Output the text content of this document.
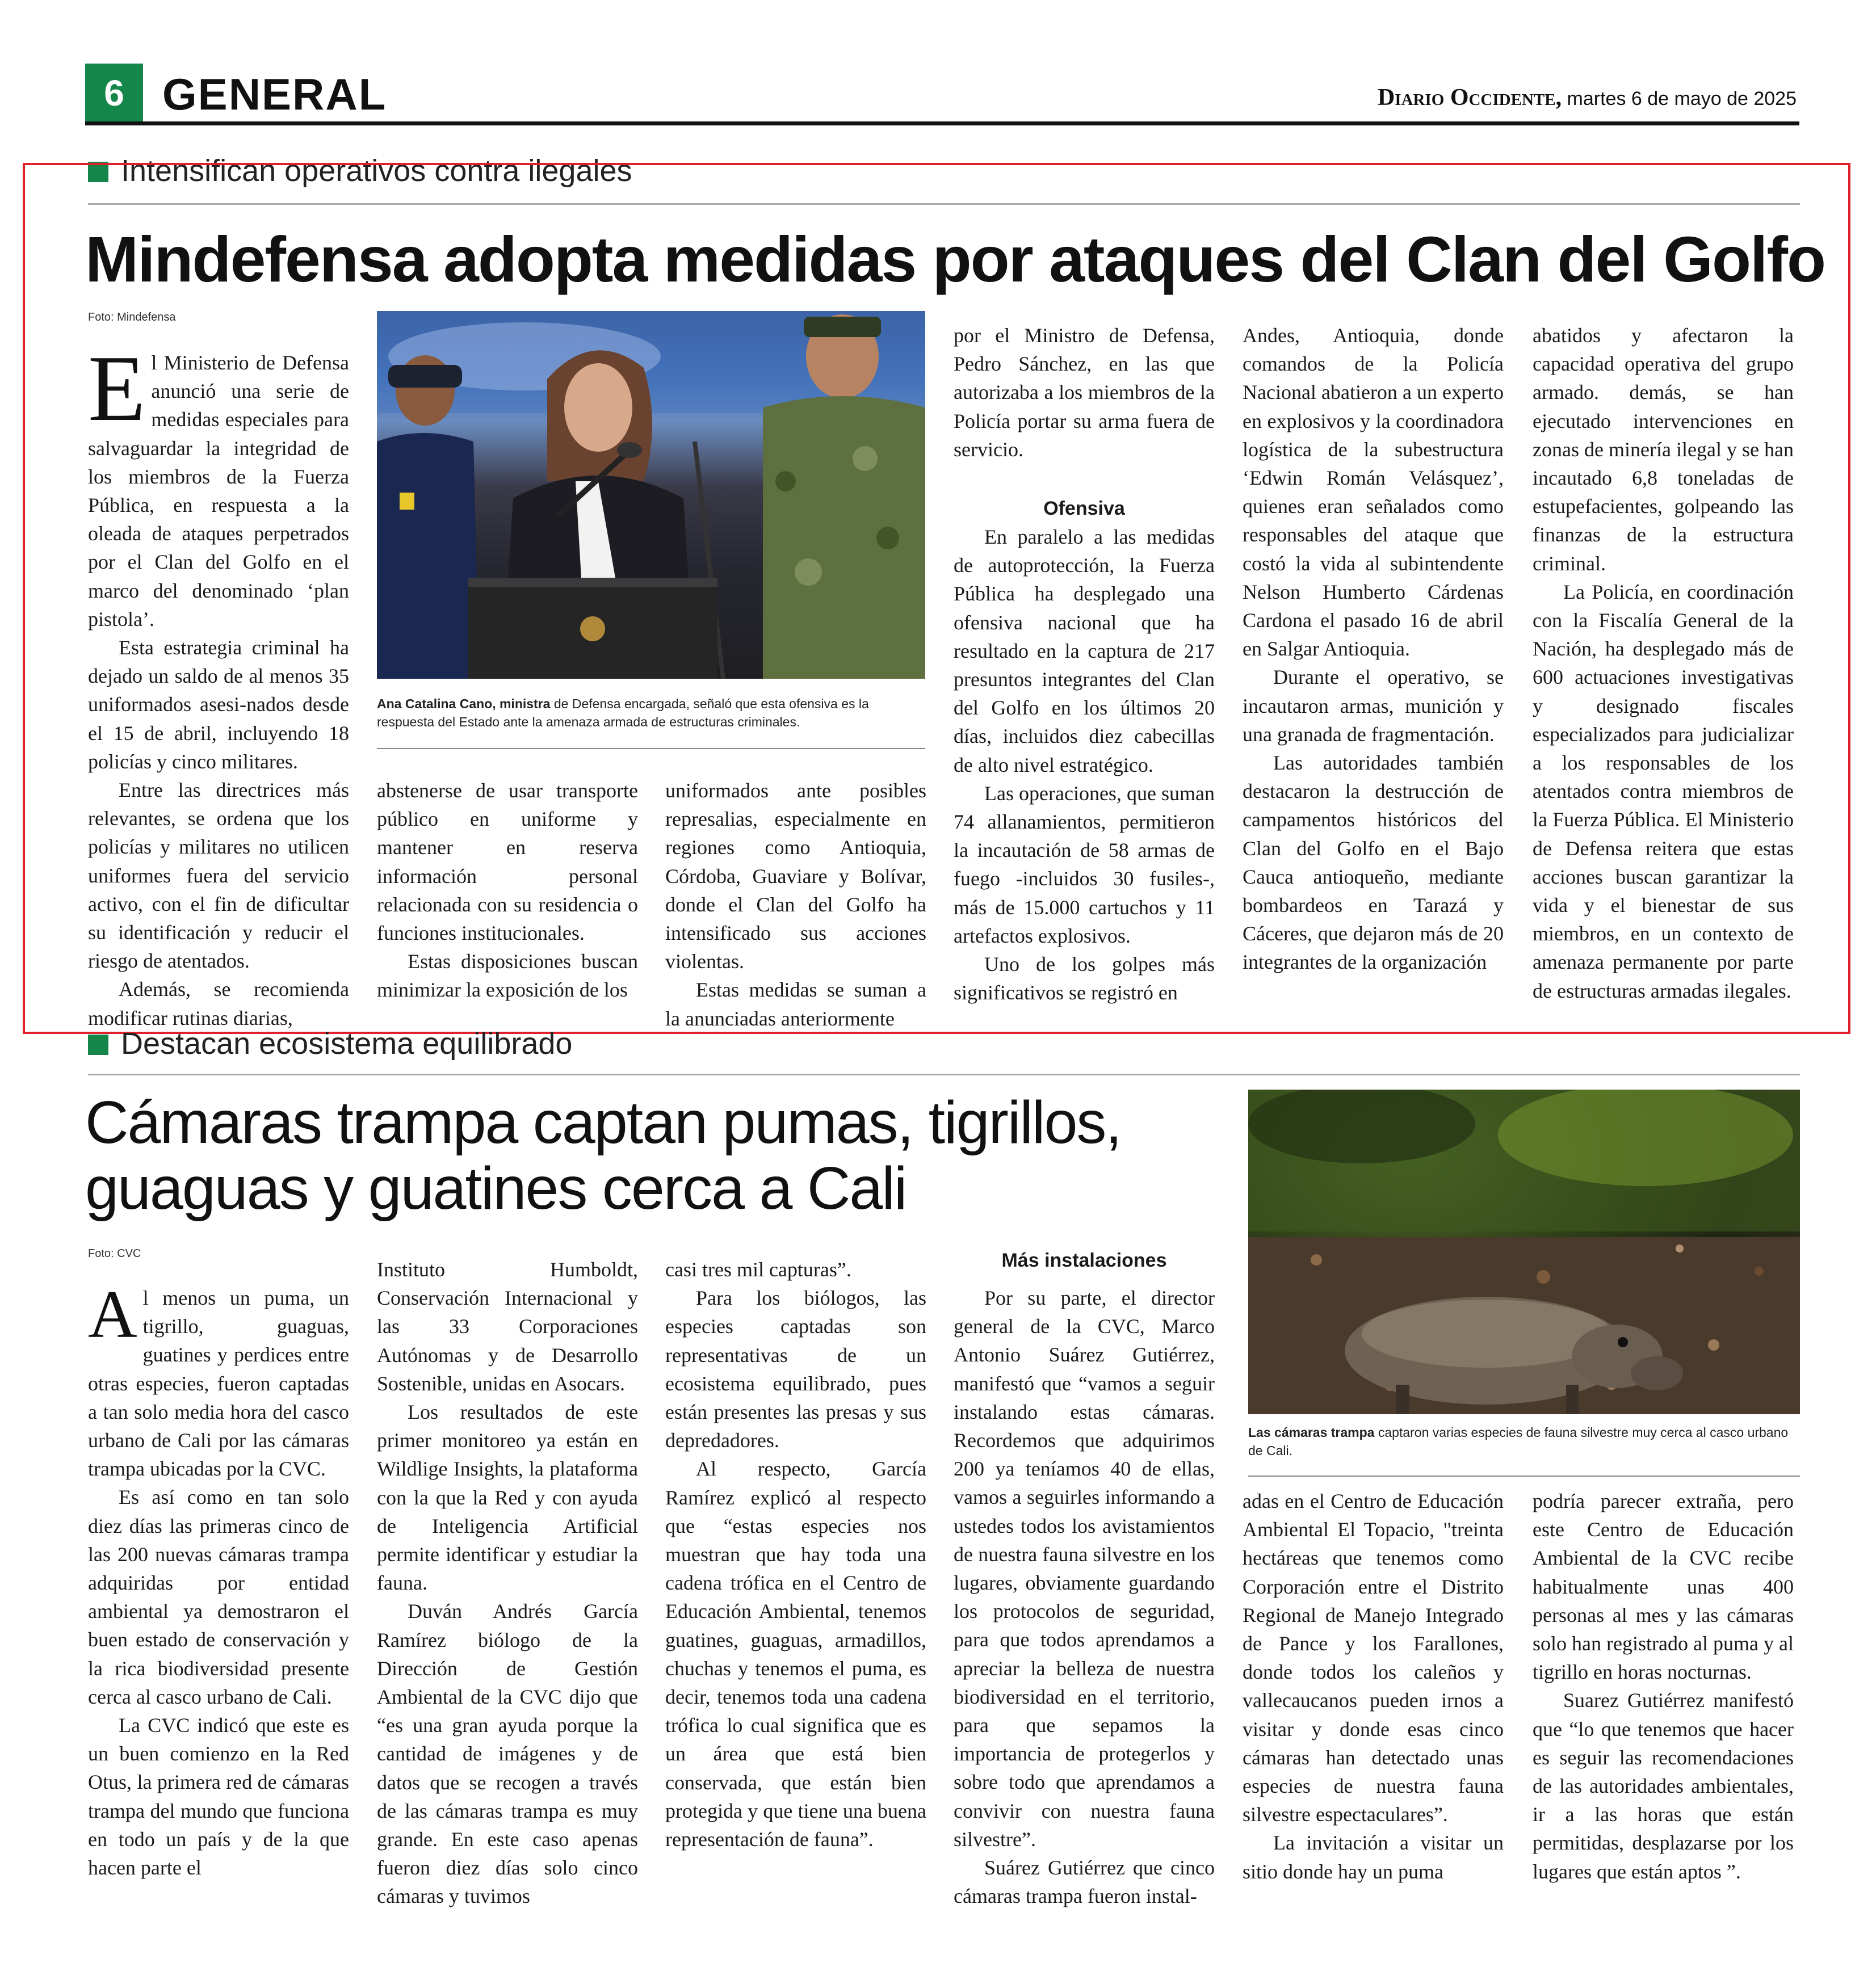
6 GENERAL	Diario Occidente, martes 6 de mayo de 2025
Intensifican operativos contra ilegales
Mindefensa adopta medidas por ataques del Clan del Golfo
Foto: Mindefensa
Ana Catalina Cano, ministra de Defensa encargada, señaló que esta ofensiva es la respuesta del Estado ante la amenaza armada de estructuras criminales.

El Ministerio de Defensa anunció una serie de medidas especiales para salvaguardar la integridad de los miembros de la Fuerza Pública, en respuesta a la oleada de ataques perpetrados por el Clan del Golfo en el marco del denominado ‘plan pistola’.

Esta estrategia criminal ha dejado un saldo de al menos 35 uniformados asesi-nados desde el 15 de abril, incluyendo 18 policías y cinco militares.

Entre las directrices más relevantes, se ordena que los policías y militares no utilicen uniformes fuera del servicio activo, con el fin de dificultar su identificación y reducir el riesgo de atentados.

Además, se recomienda modificar rutinas diarias,

abstenerse de usar transporte público en uniforme y mantener en reserva información personal relacionada con su residencia o funciones institucionales.

Estas disposiciones buscan minimizar la exposición de los

uniformados ante posibles represalias, especialmente en regiones como Antioquia, Córdoba, Guaviare y Bolívar, donde el Clan del Golfo ha intensificado sus acciones violentas.

Estas medidas se suman a la anunciadas anteriormente

por el Ministro de Defensa, Pedro Sánchez, en las que autorizaba a los miembros de la Policía portar su arma fuera de servicio.

Ofensiva

En paralelo a las medidas de autoprotección, la Fuerza Pública ha desplegado una ofensiva nacional que ha resultado en la captura de 217 presuntos integrantes del Clan del Golfo en los últimos 20 días, incluidos diez cabecillas de alto nivel estratégico.

Las operaciones, que suman 74 allanamientos, permitieron la incautación de 58 armas de fuego -incluidos 30 fusiles-, más de 15.000 cartuchos y 11 artefactos explosivos.

Uno de los golpes más significativos se registró en

Andes, Antioquia, donde comandos de la Policía Nacional abatieron a un experto en explosivos y la coordinadora logística de la subestructura ‘Edwin Román Velásquez’, quienes eran señalados como responsables del ataque que costó la vida al subintendente Nelson Humberto Cárdenas Cardona el pasado 16 de abril en Salgar Antioquia.

Durante el operativo, se incautaron armas, munición y una granada de fragmentación.

Las autoridades también destacaron la destrucción de campamentos históricos del Clan del Golfo en el Bajo Cauca antioqueño, mediante bombardeos en Tarazá y Cáceres, que dejaron más de 20 integrantes de la organización

abatidos y afectaron la capacidad operativa del grupo armado. demás, se han ejecutado intervenciones en zonas de minería ilegal y se han incautado 6,8 toneladas de estupefacientes, golpeando las finanzas de la estructura criminal.

La Policía, en coordinación con la Fiscalía General de la Nación, ha desplegado más de 600 actuaciones investigativas y designado fiscales especializados para judicializar a los responsables de los atentados contra miembros de la Fuerza Pública. El Ministerio de Defensa reitera que estas acciones buscan garantizar la vida y el bienestar de sus miembros, en un contexto de amenaza permanente por parte de estructuras armadas ilegales.

Destacan ecosistema equilibrado
Cámaras trampa captan pumas, tigrillos,
guaguas y guatines cerca a Cali
Foto: CVC
Las cámaras trampa captaron varias especies de fauna silvestre muy cerca al casco urbano de Cali.

Al menos un puma, un tigrillo, guaguas, guatines y perdices entre otras especies, fueron captadas a tan solo media hora del casco urbano de Cali por las cámaras trampa ubicadas por la CVC.

Es así como en tan solo diez días las primeras cinco de las 200 nuevas cámaras trampa adquiridas por entidad ambiental ya demostraron el buen estado de conservación y la rica biodiversidad presente cerca al casco urbano de Cali.

La CVC indicó que este es un buen comienzo en la Red Otus, la primera red de cámaras trampa del mundo que funciona en todo un país y de la que hacen parte el

Instituto Humboldt, Conservación Internacional y las 33 Corporaciones Autónomas y de Desarrollo Sostenible, unidas en Asocars.

Los resultados de este primer monitoreo ya están en Wildlige Insights, la plataforma con la que la Red y con ayuda de Inteligencia Artificial permite identificar y estudiar la fauna.

Duván Andrés García Ramírez biólogo de la Dirección de Gestión Ambiental de la CVC dijo que “es una gran ayuda porque la cantidad de imágenes y de datos que se recogen a través de las cámaras trampa es muy grande. En este caso apenas fueron diez días solo cinco cámaras y tuvimos

casi tres mil capturas”.

Para los biólogos, las especies captadas son representativas de un ecosistema equilibrado, pues están presentes las presas y sus depredadores.

Al respecto, García Ramírez explicó al respecto que “estas especies nos muestran que hay toda una cadena trófica en el Centro de Educación Ambiental, tenemos guatines, guaguas, armadillos, chuchas y tenemos el puma, es decir, tenemos toda una cadena trófica lo cual significa que es un área que está bien conservada, que están bien protegida y que tiene una buena representación de fauna”.

Más instalaciones

Por su parte, el director general de la CVC, Marco Antonio Suárez Gutiérrez, manifestó que “vamos a seguir instalando estas cámaras. Recordemos que adquirimos 200 ya teníamos 40 de ellas, vamos a seguirles informando a ustedes todos los avistamientos de nuestra fauna silvestre en los lugares, obviamente guardando los protocolos de seguridad, para que todos aprendamos a apreciar la belleza de nuestra biodiversidad en el territorio, para que sepamos la importancia de protegerlos y sobre todo que aprendamos a convivir con nuestra fauna silvestre”.

Suárez Gutiérrez que cinco cámaras trampa fueron instal-

adas en el Centro de Educación Ambiental El Topacio, "treinta hectáreas que tenemos como Corporación entre el Distrito Regional de Manejo Integrado de Pance y los Farallones, donde todos los caleños y vallecaucanos pueden irnos a visitar y donde esas cinco cámaras han detectado unas especies de nuestra fauna silvestre espectaculares”.

La invitación a visitar un sitio donde hay un puma

podría parecer extraña, pero este Centro de Educación Ambiental de la CVC recibe habitualmente unas 400 personas al mes y las cámaras solo han registrado al puma y al tigrillo en horas nocturnas.

Suarez Gutiérrez manifestó que “lo que tenemos que hacer es seguir las recomendaciones de las autoridades ambientales, ir a las horas que están permitidas, desplazarse por los lugares que están aptos ”.
